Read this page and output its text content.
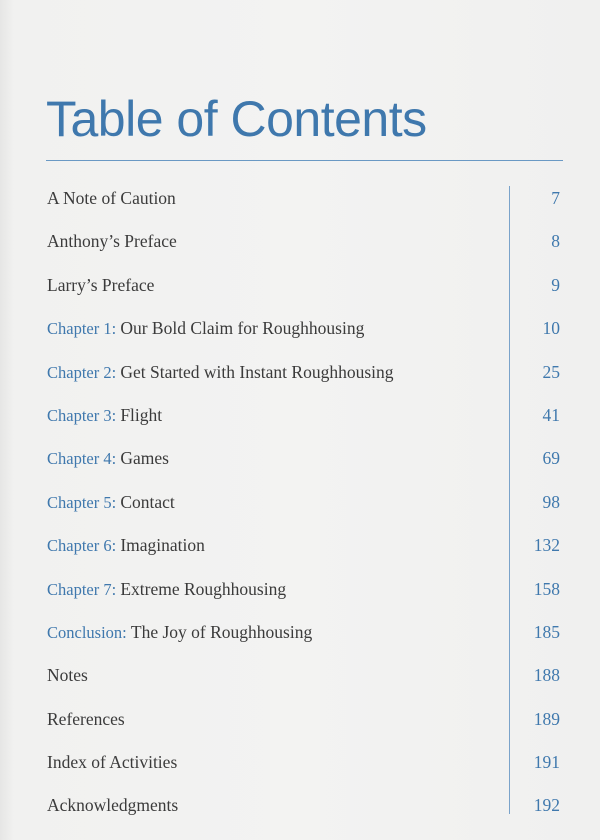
Table of Contents
A Note of Caution	7
Anthony’s Preface	8
Larry’s Preface	9
Chapter 1: Our Bold Claim for Roughhousing	10
Chapter 2: Get Started with Instant Roughhousing	25
Chapter 3: Flight	41
Chapter 4: Games	69
Chapter 5: Contact	98
Chapter 6: Imagination	132
Chapter 7: Extreme Roughhousing	158
Conclusion: The Joy of Roughhousing	185
Notes	188
References	189
Index of Activities	191
Acknowledgments	192
